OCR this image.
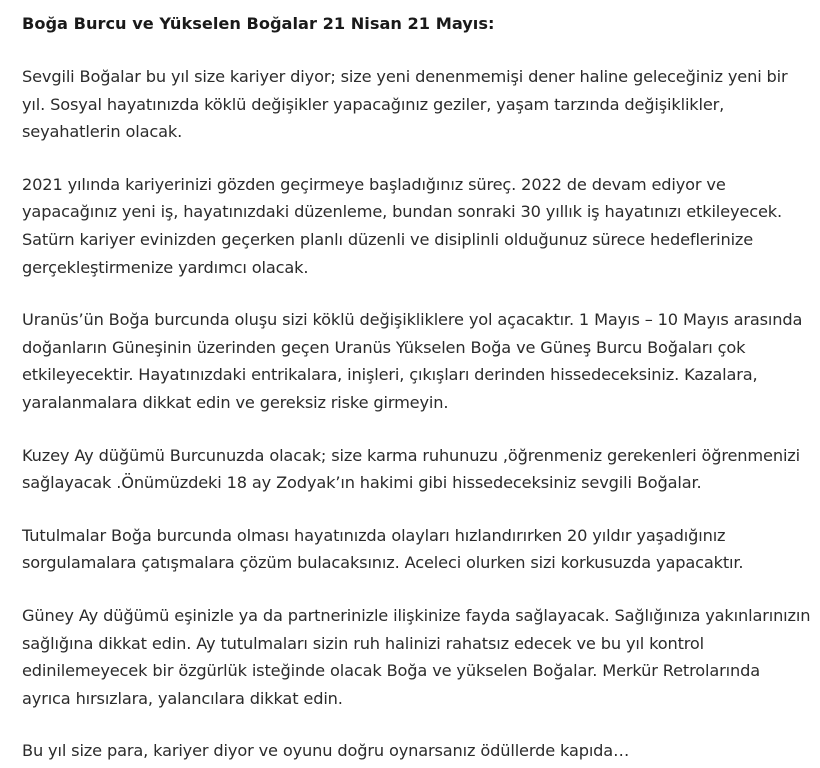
Boğa Burcu ve Yükselen Boğalar 21 Nisan 21 Mayıs:

Sevgili Boğalar bu yıl size kariyer diyor; size yeni denenmemişi dener haline geleceğiniz yeni bir yıl. Sosyal hayatınızda köklü değişikler yapacağınız geziler, yaşam tarzında değişiklikler, seyahatlerin olacak.

2021 yılında kariyerinizi gözden geçirmeye başladığınız süreç. 2022 de devam ediyor ve yapacağınız yeni iş, hayatınızdaki düzenleme, bundan sonraki 30 yıllık iş hayatınızı etkileyecek. Satürn kariyer evinizden geçerken planlı düzenli ve disiplinli olduğunuz sürece hedeflerinize gerçekleştirmenize yardımcı olacak.

Uranüs’ün Boğa burcunda oluşu sizi köklü değişikliklere yol açacaktır. 1 Mayıs – 10 Mayıs arasında doğanların Güneşinin üzerinden geçen Uranüs Yükselen Boğa ve Güneş Burcu Boğaları çok etkileyecektir. Hayatınızdaki entrikalara, inişleri, çıkışları derinden hissedeceksiniz. Kazalara, yaralanmalara dikkat edin ve gereksiz riske girmeyin.

Kuzey Ay düğümü Burcunuzda olacak; size karma ruhunuzu ,öğrenmeniz gerekenleri öğrenmenizi sağlayacak .Önümüzdeki 18 ay Zodyak’ın hakimi gibi hissedeceksiniz sevgili Boğalar.

Tutulmalar Boğa burcunda olması hayatınızda olayları hızlandırırken 20 yıldır yaşadığınız sorgulamalara çatışmalara çözüm bulacaksınız. Aceleci olurken sizi korkusuzda yapacaktır.

Güney Ay düğümü eşinizle ya da partnerinizle ilişkinize fayda sağlayacak. Sağlığınıza yakınlarınızın sağlığına dikkat edin. Ay tutulmaları sizin ruh halinizi rahatsız edecek ve bu yıl kontrol edinilemeyecek bir özgürlük isteğinde olacak Boğa ve yükselen Boğalar. Merkür Retrolarında ayrıca hırsızlara, yalancılara dikkat edin.

Bu yıl size para, kariyer diyor ve oyunu doğru oynarsanız ödüllerde kapıda…
